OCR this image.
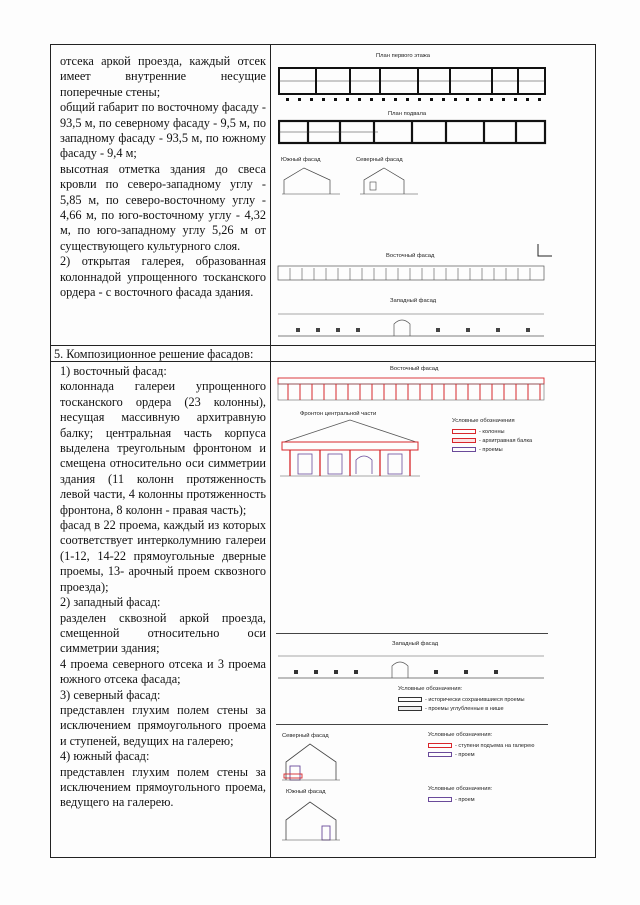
отсека аркой проезда, каждый отсек имеет внутренние несущие поперечные стены;

общий габарит по восточному фасаду - 93,5 м, по северному фасаду - 9,5 м, по западному фасаду - 93,5 м, по южному фасаду - 9,4 м;

высотная отметка здания до свеса кровли по северо-западному углу - 5,85 м, по северо-восточному углу - 4,66 м, по юго-восточному углу - 4,32 м, по юго-западному углу 5,26 м от существующего культурного слоя.

2) открытая галерея, образованная колоннадой упрощенного тосканского ордера - с восточного фасада здания.

План первого этажа
План подвала
Южный фасад	Северный фасад
Восточный фасад
Западный фасад
5. Композиционное решение фасадов:

1) восточный фасад:

колоннада галереи упрощенного тосканского ордера (23 колонны), несущая массивную архитравную балку; центральная часть корпуса выделена треугольным фронтоном и смещена относительно оси симметрии здания (11 колонн протяженность левой части, 4 колонны протяженность фронтона, 8 колонн - правая часть);

фасад в 22 проема, каждый из которых соответствует интерколумнию галереи (1-12, 14-22 прямоугольные дверные проемы, 13- арочный проем сквозного проезда);

2) западный фасад:

разделен сквозной аркой проезда, смещенной относительно оси симметрии здания;

4 проема северного отсека и 3 проема южного отсека фасада;

3) северный фасад:

представлен глухим полем стены за исключением прямоугольного проема и ступеней, ведущих на галерею;

4) южный фасад:

представлен глухим полем стены за исключением прямоугольного проема, ведущего на галерею.

Восточный фасад
Фронтон центральной части
Условные обозначения
- колонны
- архитравная балка
- проемы
Западный фасад
Условные обозначения:
- исторически сохранившиеся проемы
- проемы углубленные в нише
Северный фасад	Условные обозначения:
- ступени подъема на галерею
- проем
Южный фасад	Условные обозначения:
- проем
